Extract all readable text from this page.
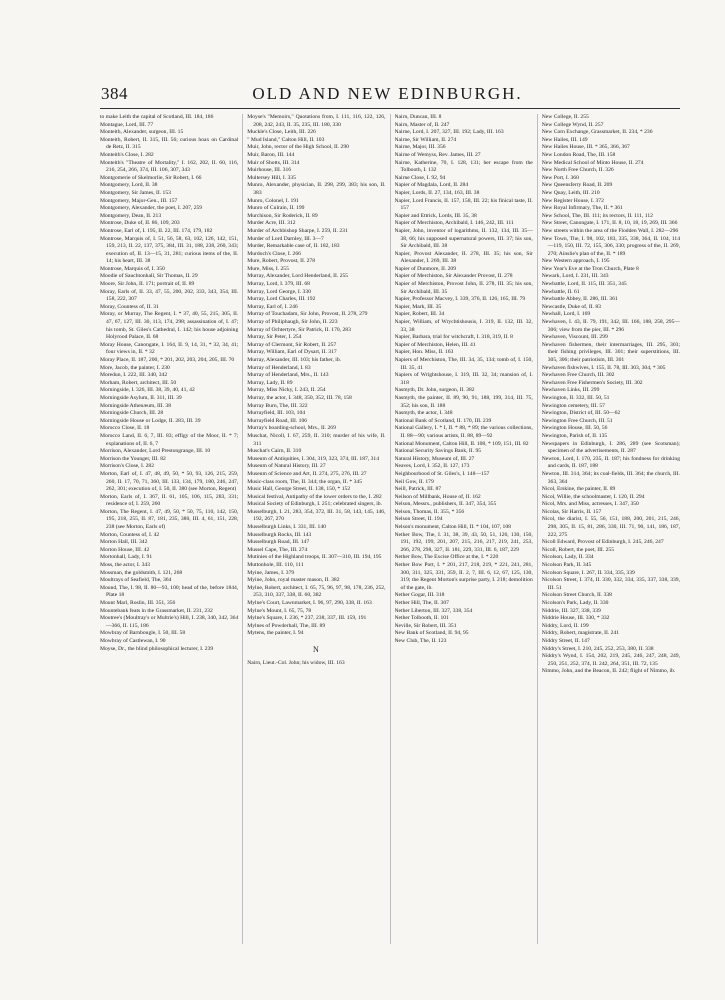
384	OLD AND NEW EDINBURGH.

to make Leith the capital of Scotland, III. 184, 186

Montague, Lord, III. 77

Monteith, Alexander, surgeon, III. 15

Monteith, Robert, II. 315, III. 56; curious hoax on Cardinal de Retz, II. 315

Monteith's Close, I. 282

Monteith's "Theatre of Mortality," I. 162, 202, II. 60, 116, 216, 254, 266, 374, III. 106, 307, 343

Montgomerie of Skelmorlie, Sir Robert, I. 66

Montgomery, Lord, II. 38

Montgomery, Sir James, II. 153

Montgomery, Major-Gen., III. 157

Montgomery, Alexander, the poet, I. 207, 259

Montgomery, Dean, II. 213

Montrose, Duke of, II. 86, 109, 203

Montrose, Earl of, I. 195, II. 22, III. 174, 179, 182

Montrose, Marquis of, I. 51, 56, 58, 63, 102, 126, 142, 151, 159, 213, II. 22, 137, 375, 384, III. 31, 188, 238, 260, 343; execution of, II. 13—15, 31, 281; curious items of the, II. 14; his heart, III. 38

Montrose, Marquis of, I. 350

Moodie of Sauchtonhall, Sir Thomas, II. 29

Moore, Sir John, II. 171; portrait of, II. 89

Moray, Earls of, II. 33, 47, 55, 200, 202, 333, 343, 354, III. 158, 222, 307

Moray, Countess of, II. 31

Moray, or Murray, The Regent, I. * 37, 40, 55, 215, 305, II. 47, 67, 127, III. 30, 113, 174, 298; assassination of, I. 47; his tomb, St. Giles's Cathedral, I. 142; his house adjoining Holyrood Palace, II. 68

Moray House, Canongate, I. 164, II. 9, 14, 31, * 32, 34, 41; four views in, II. * 32

Moray Place, II. 187, 200, * 201, 202, 203, 204, 205, III. 70

More, Jacob, the painter, I. 230

Moredun, I. 222, III. 340, 342

Morham, Robert, architect, III. 50

Morningside, I. 326, III. 38, 39, 40, 41, 42

Morningside Asylum, II. 311, III. 39

Morningside Athenæum, III. 38

Morningside Church, III. 28

Morningside House or Lodge, II. 283, III. 39

Morocco Close, II. 18

Morocco Land, II. 6, 7, III. 83; effigy of the Moor, II. * 7; explanations of, II. 6, 7

Morrison, Alexander, Lord Prestongrange, III. 10

Morrison the Younger, III. 82

Morrison's Close, I. 282

Morton, Earl of, I. 47, 48, 49, 50, * 50, 93, 126, 215, 259, 260, II. 17, 70, 71, 360, III. 133, 134, 179, 180, 246, 247, 262, 301; execution of, I. 50, II. 380 (see Morton, Regent)

Morton, Earls of, I. 367, II. 61, 105, 106, 115, 283, 331; residence of, I. 259, 260

Morton, The Regent, I. 47, 49, 50, * 50, 75, 110, 142, 150, 195, 218, 255, II. 87, 181, 235, 380, III. 4, 61, 151, 228, 238 (see Morton, Earls of)

Morton, Countess of, I. 42

Morton Hall, III. 342

Morton House, III. 42

Mortonhall, Lady, I. 91

Moss, the actor, I. 343

Mossman, the goldsmith, I. 121, 268

Moultrays of Seafield, The, 364

Mound, The, I. 98, II. 80—93, 100; head of the, before 1844, Plate 18

Mount Marl, Roslin, III. 351, 356

Mountebank feats in the Grassmarket, II. 231, 232

Moutree's (Moultray's or Multrie's) Hill, I. 238, 340, 342, 364—366, II. 115, 186

Mowbray of Barnbougle, I. 50, III. 58

Mowbray of Castlewan, I. 90

Moyse, Dr., the blind philosophical lecturer, I. 239

Moyse's "Memoirs," Quotations from, I. 111, 116, 122, 126, 208, 242, 243, II. 35, 235, III. 180, 330

Muckle's Close, Leith, III. 226

" Mud Island," Calton Hill, II. 103

Muir, John, rector of the High School, II. 290

Muir, Baron, III. 144

Muir of Shotts, III. 314

Muirhouse, III. 316

Multersey Hill, I. 335

Munro, Alexander, physician, II. 298, 299, 383; his son, II. 383

Munro, Colonel, I. 191

Munro of Culrain, II. 199

Murchison, Sir Roderick, II. 89

Murder Acre, III. 312

Murder of Archbishop Sharpe, I. 259, II. 231

Murder of Lord Darnley, III. 3—7

Murder, Remarkable case of, II. 182, 183

Murdoch's Close, I. 266

Mure, Robert, Provost, II. 278

Mure, Miss, I. 255

Murray, Alexander, Lord Henderland, II. 255

Murray, Lord, I. 379, III. 68

Murray, Lord George, I. 330

Murray, Lord Charles, III. 192

Murray, Earl of, I. 246

Murray of Touchadam, Sir John, Provost, II. 278, 279

Murray of Philiphaugh, Sir John, II. 223

Murray of Ochtertyre, Sir Patrick, II. 170, 283

Murray, Sir Peter, I. 254

Murray of Clermont, Sir Robert, II. 257

Murray, William, Earl of Dysart, II. 317

Murray, Alexander, III. 103; his father, ib.

Murray of Henderland, I. 83

Murray of Henderland, Mrs., II. 143

Murray, Lady, II. 89

Murray, Miss Nicky, I. 243, II. 254

Murray, the actor, I. 348, 350, 352, III. 78, 158

Murray Burn, The, III. 322

Murrayfield, III. 103, 104

Murrayfield Road, III. 106

Murray's boarding-school, Mrs., II. 269

Muschat, Nicoll, I. 67, 259, II. 310; murder of his wife, II. 311

Muschat's Cairn, II. 310

Museum of Antiquities, I. 304, 319, 323, 374, III. 187, 314

Museum of Natural History, III. 27

Museum of Science and Art, II. 274, 275, 276, III. 27

Music-class room, The, II. 344; the organ, II. * 345

Music Hall, George Street, II. 138, 150, * 152

Musical festival, Antipathy of the lower orders to the, I. 282

Musical Society of Edinburgh, I. 251; celebrated singers, ib.

Musselburgh, I. 21, 283, 354, 372, III. 31, 58, 143, 145, 146, 192, 267, 270

Musselburgh Links, I. 331, III. 140

Musselburgh Rocks, III. 143

Musselburgh Road, III. 147

Mussel Cape, The, III. 274

Mutinies of the Highland troops, II. 307—310, III. 194, 195

Muttonhole, III. 110, 111

Myine, James, I. 379

Myine, John, royal master mason, II. 382

Mylne, Robert, architect, I. 65, 75, 96, 97, 98, 178, 236, 252, 253, 310, 337, 338, II. 60, 382

Mylne's Court, Lawnmarket, I. 96, 97, 290, 338, II. 163

Mylne's Mount, I. 65, 75, 78

Mylne's Square, I. 236, * 237, 238, 337, III. 159, 191

Mylnes of Powderhall, The, III. 89

Mytens, the painter, I. 94

N

Nairn, Lieut.-Col. John; his widow, III. 163

Nairn, Duncan, III. 8

Nairn, Master of, II. 247

Nairne, Lord, I. 207, 327, III. 192; Lady, III. 163

Nairne, Sir William, II. 274

Nairne, Major, III. 356

Nairne of Wemyss, Rev. James, III. 27

Nairne, Katherine, 70, I. 128, 131; her escape from the Tolbooth, I. 132

Nairne Close, I. 92, 94

Napier of Magdala, Lord, II. 284

Napier, Lords, II. 27, 134, 163, III. 38

Napier, Lord Francis, II. 157, 158, III. 22; his finical taste, II. 157

Napier and Ettrick, Lords, III. 35, 38

Napier of Merchiston, Archibald, I. 146, 242, III. 111

Napier, John, inventor of logarithms, II. 132, 134, III. 35—38, 66; his supposed supernatural powers, III. 37; his son, Sir Archibald, III. 38

Napier, Provost Alexander, II. 278, III. 35; his son, Sir Alexander, I. 269, III. 38

Napier of Dunmore, II. 209

Napier of Merchiston, Sir Alexander Provost, II. 278

Napier of Merchiston, Provost John, II. 278, III. 35; his son, Sir Archibald, III. 35

Napier, Professor Macvey, I. 339, 376, II. 126, 165, III. 79

Napier, Mark, III. 35

Napier, Robert, III. 34

Napier, William, of Wrychtishousis, I. 319, II. 132, III. 32, 33, 38

Napier, Barbara, trial for witchcraft, I. 318, 319, II. 8

Napier of Merchiston, Helen, III. 41

Napier, Hon. Miss, II. 163

Napiers of Merchiston, The, III. 34, 35, 134; tomb of, I. 150, III. 35, 41

Napiers of Wrightshouse, I. 319, III. 32, 34; mansion of, I. 318

Nasmyth, Dr. John, surgeon, II. 382

Nasmyth, the painter, II. 89, 90, 91, 188, 199, 314, III. 75, 352; his son, II. 188

Nasmyth, the actor, I. 348

National Bank of Scotland, II. 170, III. 239

National Gallery, I. * I, II. * 88, * 89; the various collections, II. 88—90; various artists, II. 88, 89—92

National Monument, Calton Hill, II. 108, * 109, 151, III. 82

National Security Savings Bank, II. 95

Natural History, Museum of, III. 27

Neaves, Lord, I. 352, II. 127, 173

Neighbourhood of St. Giles's, I. 148—157

Neil Gow, II. 179

Neill, Patrick, III. 87

Neilson of Millbank, House of, II. 162

Nelson, Messrs., publishers, II. 347, 354, 355

Nelson, Thomas, II. 355, * 356

Nelson Street, II. 194

Nelson's monument, Calton Hill, II. * 104, 107, 108

Nether Bow, The, I. 31, 38, 39, 43, 50, 51, 126, 130, 150, 191, 192, 199, 201, 207, 215, 216, 217, 219, 241, 253, 266, 278, 298, 327, II. 181, 229, 331, III. 6, 187, 229

Nether Bow, The Excise Office at the, I. * 220

Nether Bow Port, I. * 201, 217, 218, 219, * 221, 241, 281, 300, 311, 325, 331, 359, II. 2, 7, III. 6, 12, 67, 125, 130, 319; the Regent Morton's surprise party, I. 218; demolition of the gate, ib.

Nether Gogar, III. 318

Nether Hill, The, II. 307

Nether Liberton, III. 327, 338, 354

Nether Tolbooth, II. 101

Neville, Sir Robert, III. 351

New Bank of Scotland, II. 94, 95

New Club, The, II. 123

New College, II. 255

New College Wynd, II. 257

New Corn Exchange, Grassmarket, II. 234, * 236

New Hailes, III. 149

New Hailes House, III. * 365, 366, 367

New London Road, The, III. 158

New Medical School of Minto House, II. 274

New North Free Church, II. 326

New Port, I. 360

New Queensferry Road, II. 209

New Quay, Leith, III. 210

New Register House, I. 372

New Royal Infirmary, The, II. * 361

New School, The, III. 111; its rectors, II. 111, 112

New Street, Canongate, I. 171, II. 8, 10, 18, 19, 269, III. 366

New streets within the area of the Flodden Wall, I. 282—296

New Town, The, I. 98, 102, 183, 335, 338, 364, II. 104, 114—119, 150, III. 72, 155, 306, 330; progress of the, II. 269, 270; Ainslie's plan of the, II. * 189

New Western approach, I. 195

New Year's Eve at the Tron Church, Plate 8

Newark, Lord, I. 231, III. 343

Newbattle, Lord, II. 115, III. 351, 345

Newbattle, II. 61

Newbattle Abbey, II. 286, III. 361

Newcastle, Duke of, II. 83

Newhall, Lord, I. 169

Newhaven, I. 43, II. 79, 191, 342, III. 166, 188, 258, 295—306; view from the pier, III. * 296

Newhaven, Viscount, III. 299

Newhaven fishermen, their intermarriages, III. 295, 303; their fishing privileges, III. 301; their superstitions, III. 305, 306; their patriotism, III. 301

Newhaven fishwives, I. 155, II. 78, III. 303, 304, * 305

Newhaven Free Church, III. 302

Newhaven Free Fishermen's Society, III. 302

Newhaven Links, III. 299

Newington, II. 332, III. 50, 51

Newington cemetery, III. 57

Newington, District of, III. 50—62

Newington Free Church, III. 51

Newington House, III. 50, 56

Newington, Parish of, II. 135

Newspapers in Edinburgh, I. 286, 289 (see Scotsman); specimen of the advertisements, II. 287

Newton, Lord, I. 170, 235, II. 187; his fondness for drinking and cards, II. 187, 188

Newton, III. 314, 364; its coal-fields, III. 364; the church, III. 363, 364

Nicol, Erskine, the painter, II. 89

Nicol, Willie, the schoolmaster, I. 120, II. 294

Nicol, Mrs. and Miss, actresses, I. 347, 350

Nicolas, Sir Harris, II. 157

Nicol, the diarist, I. 55, 56, 151, 188, 200, 201, 215, 246, 298, 305, II. 15, 81, 286, 330, III. 71, 90, 141, 186, 187, 222, 275

Nicoll Edward, Provost of Edinburgh, I. 245, 246, 247

Nicoll, Robert, the poet, III. 255

Nicolson, Lady, II. 334

Nicolson Park, II. 345

Nicolson Square, I. 267, II. 334, 335, 339

Nicolson Street, I. 374, II. 330, 332, 334, 335, 337, 338, 339, III. 51

Nicolson Street Church, II. 338

Nicolson's Park, Lady, II. 330

Niddrie, III. 327, 338, 339

Niddrie House, III. 330, * 332

Niddry, Lord, II. 199

Niddry, Robert, magistrate, II. 241

Niddry Street, II. 147

Niddry's Street, I. 210, 245, 252, 253, 380, II. 338

Niddry's Wynd, I. 154, 202, 219, 245, 246, 247, 248, 249, 250, 251, 252, 374, II. 242, 264, 351, III. 72, 135

Nimmo, John, and the Beacon, II. 242; flight of Nimmo, ib.
